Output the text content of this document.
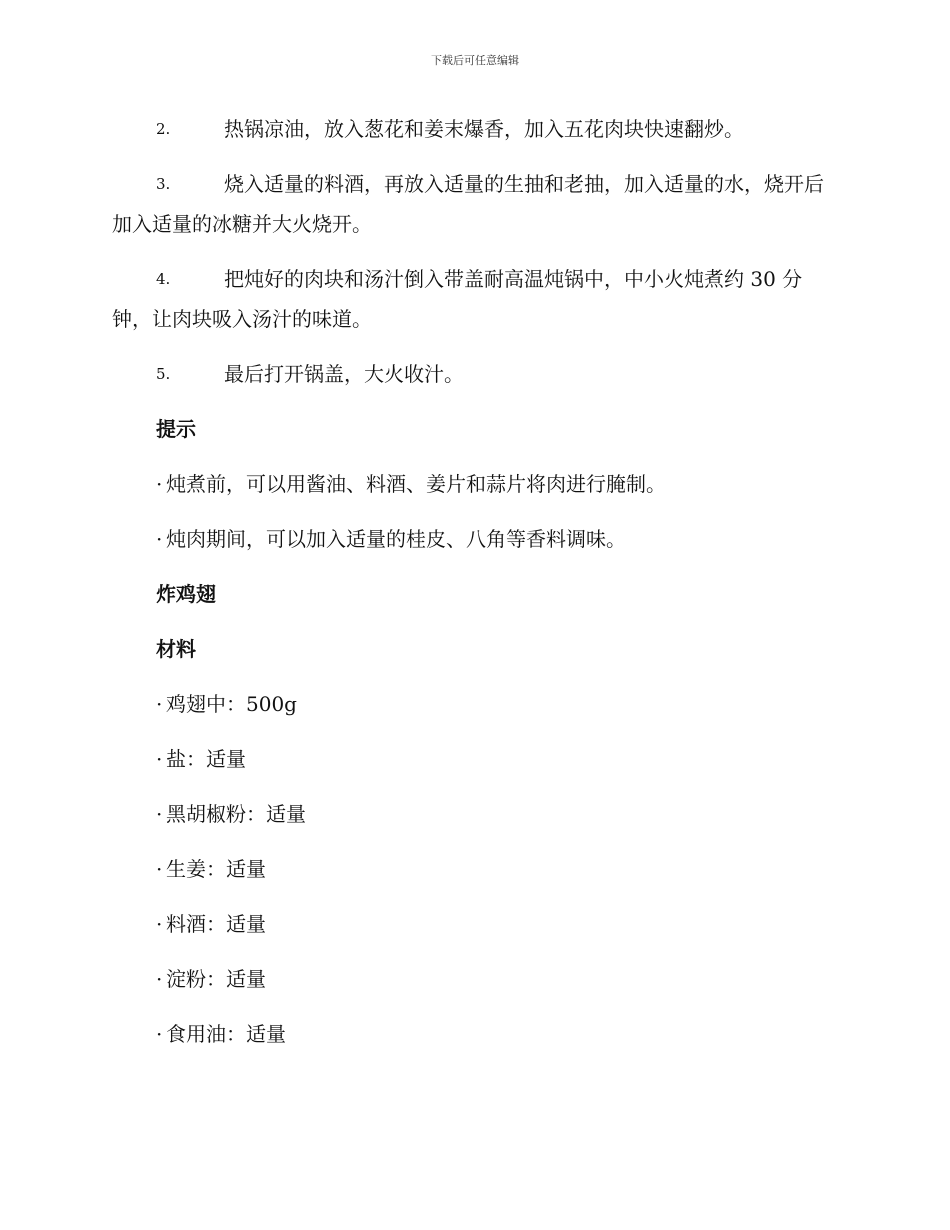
下载后可任意编辑
2.	热锅凉油，放入葱花和姜末爆香，加入五花肉块快速翻炒。
3.	烧入适量的料酒，再放入适量的生抽和老抽，加入适量的水，烧开后加入适量的冰糖并大火烧开。
4.	把炖好的肉块和汤汁倒入带盖耐高温炖锅中，中小火炖煮约 30 分钟，让肉块吸入汤汁的味道。
5.	最后打开锅盖，大火收汁。
提示
· 炖煮前，可以用酱油、料酒、姜片和蒜片将肉进行腌制。
· 炖肉期间，可以加入适量的桂皮、八角等香料调味。
炸鸡翅
材料
· 鸡翅中：500g
· 盐：适量
· 黑胡椒粉：适量
· 生姜：适量
· 料酒：适量
· 淀粉：适量
· 食用油：适量
